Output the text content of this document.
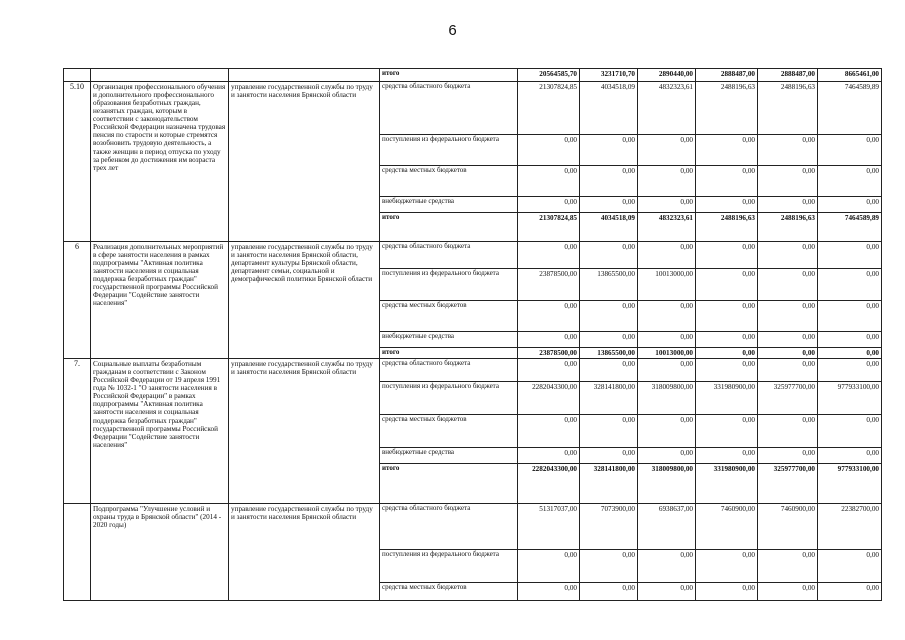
6
			итого	20564585,70	3231710,70	2890440,00	2888487,00	2888487,00	8665461,00
5.10	Организация профессионального обучения и дополнительного профессионального образования безработных граждан, незанятых граждан, которым в соответствии с законодательством Российской Федерации назначена трудовая пенсия по старости и которые стремятся возобновить трудовую деятельность, а также женщин в период отпуска по уходу за ребенком до достижения им возраста трех лет	управление государственной службы по труду и занятости населения Брянской области	средства областного бюджета	21307824,85	4034518,09	4832323,61	2488196,63	2488196,63	7464589,89
			поступления из федерального бюджета	0,00	0,00	0,00	0,00	0,00	0,00
			средства местных бюджетов	0,00	0,00	0,00	0,00	0,00	0,00
			внебюджетные средства	0,00	0,00	0,00	0,00	0,00	0,00
			итого	21307824,85	4034518,09	4832323,61	2488196,63	2488196,63	7464589,89
6	Реализация дополнительных мероприятий в сфере занятости населения в рамках подпрограммы "Активная политика занятости населения и социальная поддержка безработных граждан" государственной программы Российской Федерации "Содействие занятости населения"	управление государственной службы по труду и занятости населения Брянской области, департамент культуры Брянской области, департамент семьи, социальной и демографической политики Брянской области	средства областного бюджета	0,00	0,00	0,00	0,00	0,00	0,00
			поступления из федерального бюджета	23878500,00	13865500,00	10013000,00	0,00	0,00	0,00
			средства местных бюджетов	0,00	0,00	0,00	0,00	0,00	0,00
			внебюджетные средства	0,00	0,00	0,00	0,00	0,00	0,00
			итого	23878500,00	13865500,00	10013000,00	0,00	0,00	0,00
7.	Социальные выплаты безработным гражданам в соответствии с Законом Российской Федерации от 19 апреля 1991 года № 1032-1 "О занятости населения в Российской Федерации" в рамках подпрограммы "Активная политика занятости населения и социальная поддержка безработных граждан" государственной программы Российской Федерации "Содействие занятости населения"	управление государственной службы по труду и занятости населения Брянской области	средства областного бюджета	0,00	0,00	0,00	0,00	0,00	0,00
			поступления из федерального бюджета	2282043300,00	328141800,00	318009800,00	331980900,00	325977700,00	977933100,00
			средства местных бюджетов	0,00	0,00	0,00	0,00	0,00	0,00
			внебюджетные средства	0,00	0,00	0,00	0,00	0,00	0,00
			итого	2282043300,00	328141800,00	318009800,00	331980900,00	325977700,00	977933100,00
	Подпрограмма "Улучшение условий и охраны труда в Брянской области" (2014 - 2020 годы)	управление государственной службы по труду и занятости населения Брянской области	средства областного бюджета	51317037,00	7073900,00	6938637,00	7460900,00	7460900,00	22382700,00
			поступления из федерального бюджета	0,00	0,00	0,00	0,00	0,00	0,00
			средства местных бюджетов	0,00	0,00	0,00	0,00	0,00	0,00
